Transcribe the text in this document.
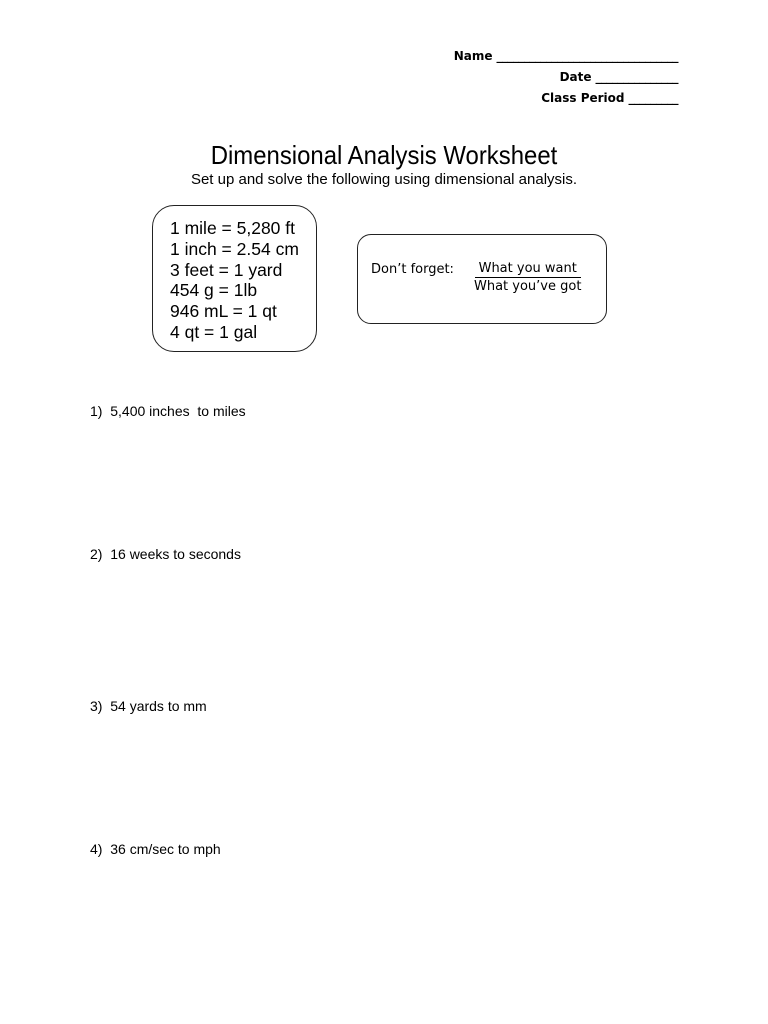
Name _________________________________
Date _______________
Class Period _________
Dimensional Analysis Worksheet
Set up and solve the following using dimensional analysis.
1 mile = 5,280 ft
1 inch = 2.54 cm
3 feet = 1 yard
454 g = 1lb
946 mL = 1 qt
4 qt = 1 gal
Don’t forget:	What you want
What you’ve got
1)  5,400 inches  to miles
2)  16 weeks to seconds
3)  54 yards to mm
4)  36 cm/sec to mph
